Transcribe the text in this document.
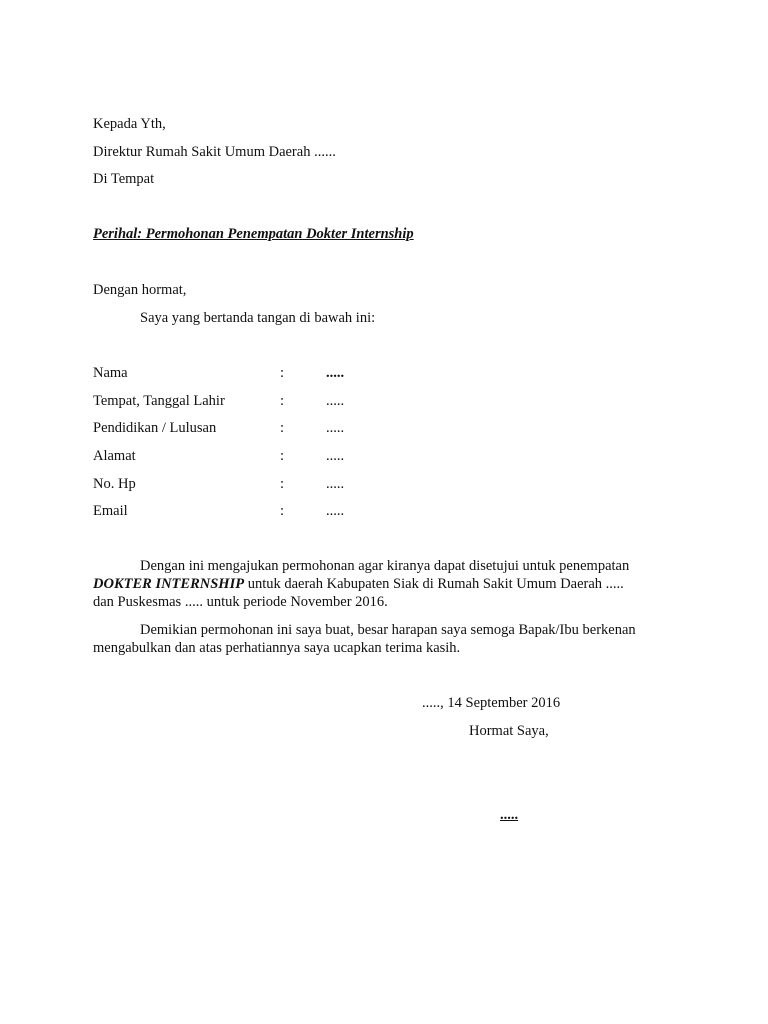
Kepada Yth,
Direktur Rumah Sakit Umum Daerah ......
Di Tempat
Perihal: Permohonan Penempatan Dokter Internship
Dengan hormat,
Saya yang bertanda tangan di bawah ini:
Nama	:	.....
Tempat, Tanggal Lahir	:	.....
Pendidikan / Lulusan	:	.....
Alamat	:	.....
No. Hp	:	.....
Email	:	.....
Dengan ini mengajukan permohonan agar kiranya dapat disetujui untuk penempatan
DOKTER INTERNSHIP untuk daerah Kabupaten Siak di Rumah Sakit Umum Daerah .....
dan Puskesmas ..... untuk periode November 2016.
Demikian permohonan ini saya buat, besar harapan saya semoga Bapak/Ibu berkenan
mengabulkan dan atas perhatiannya saya ucapkan terima kasih.
....., 14 September 2016
Hormat Saya,
.....
